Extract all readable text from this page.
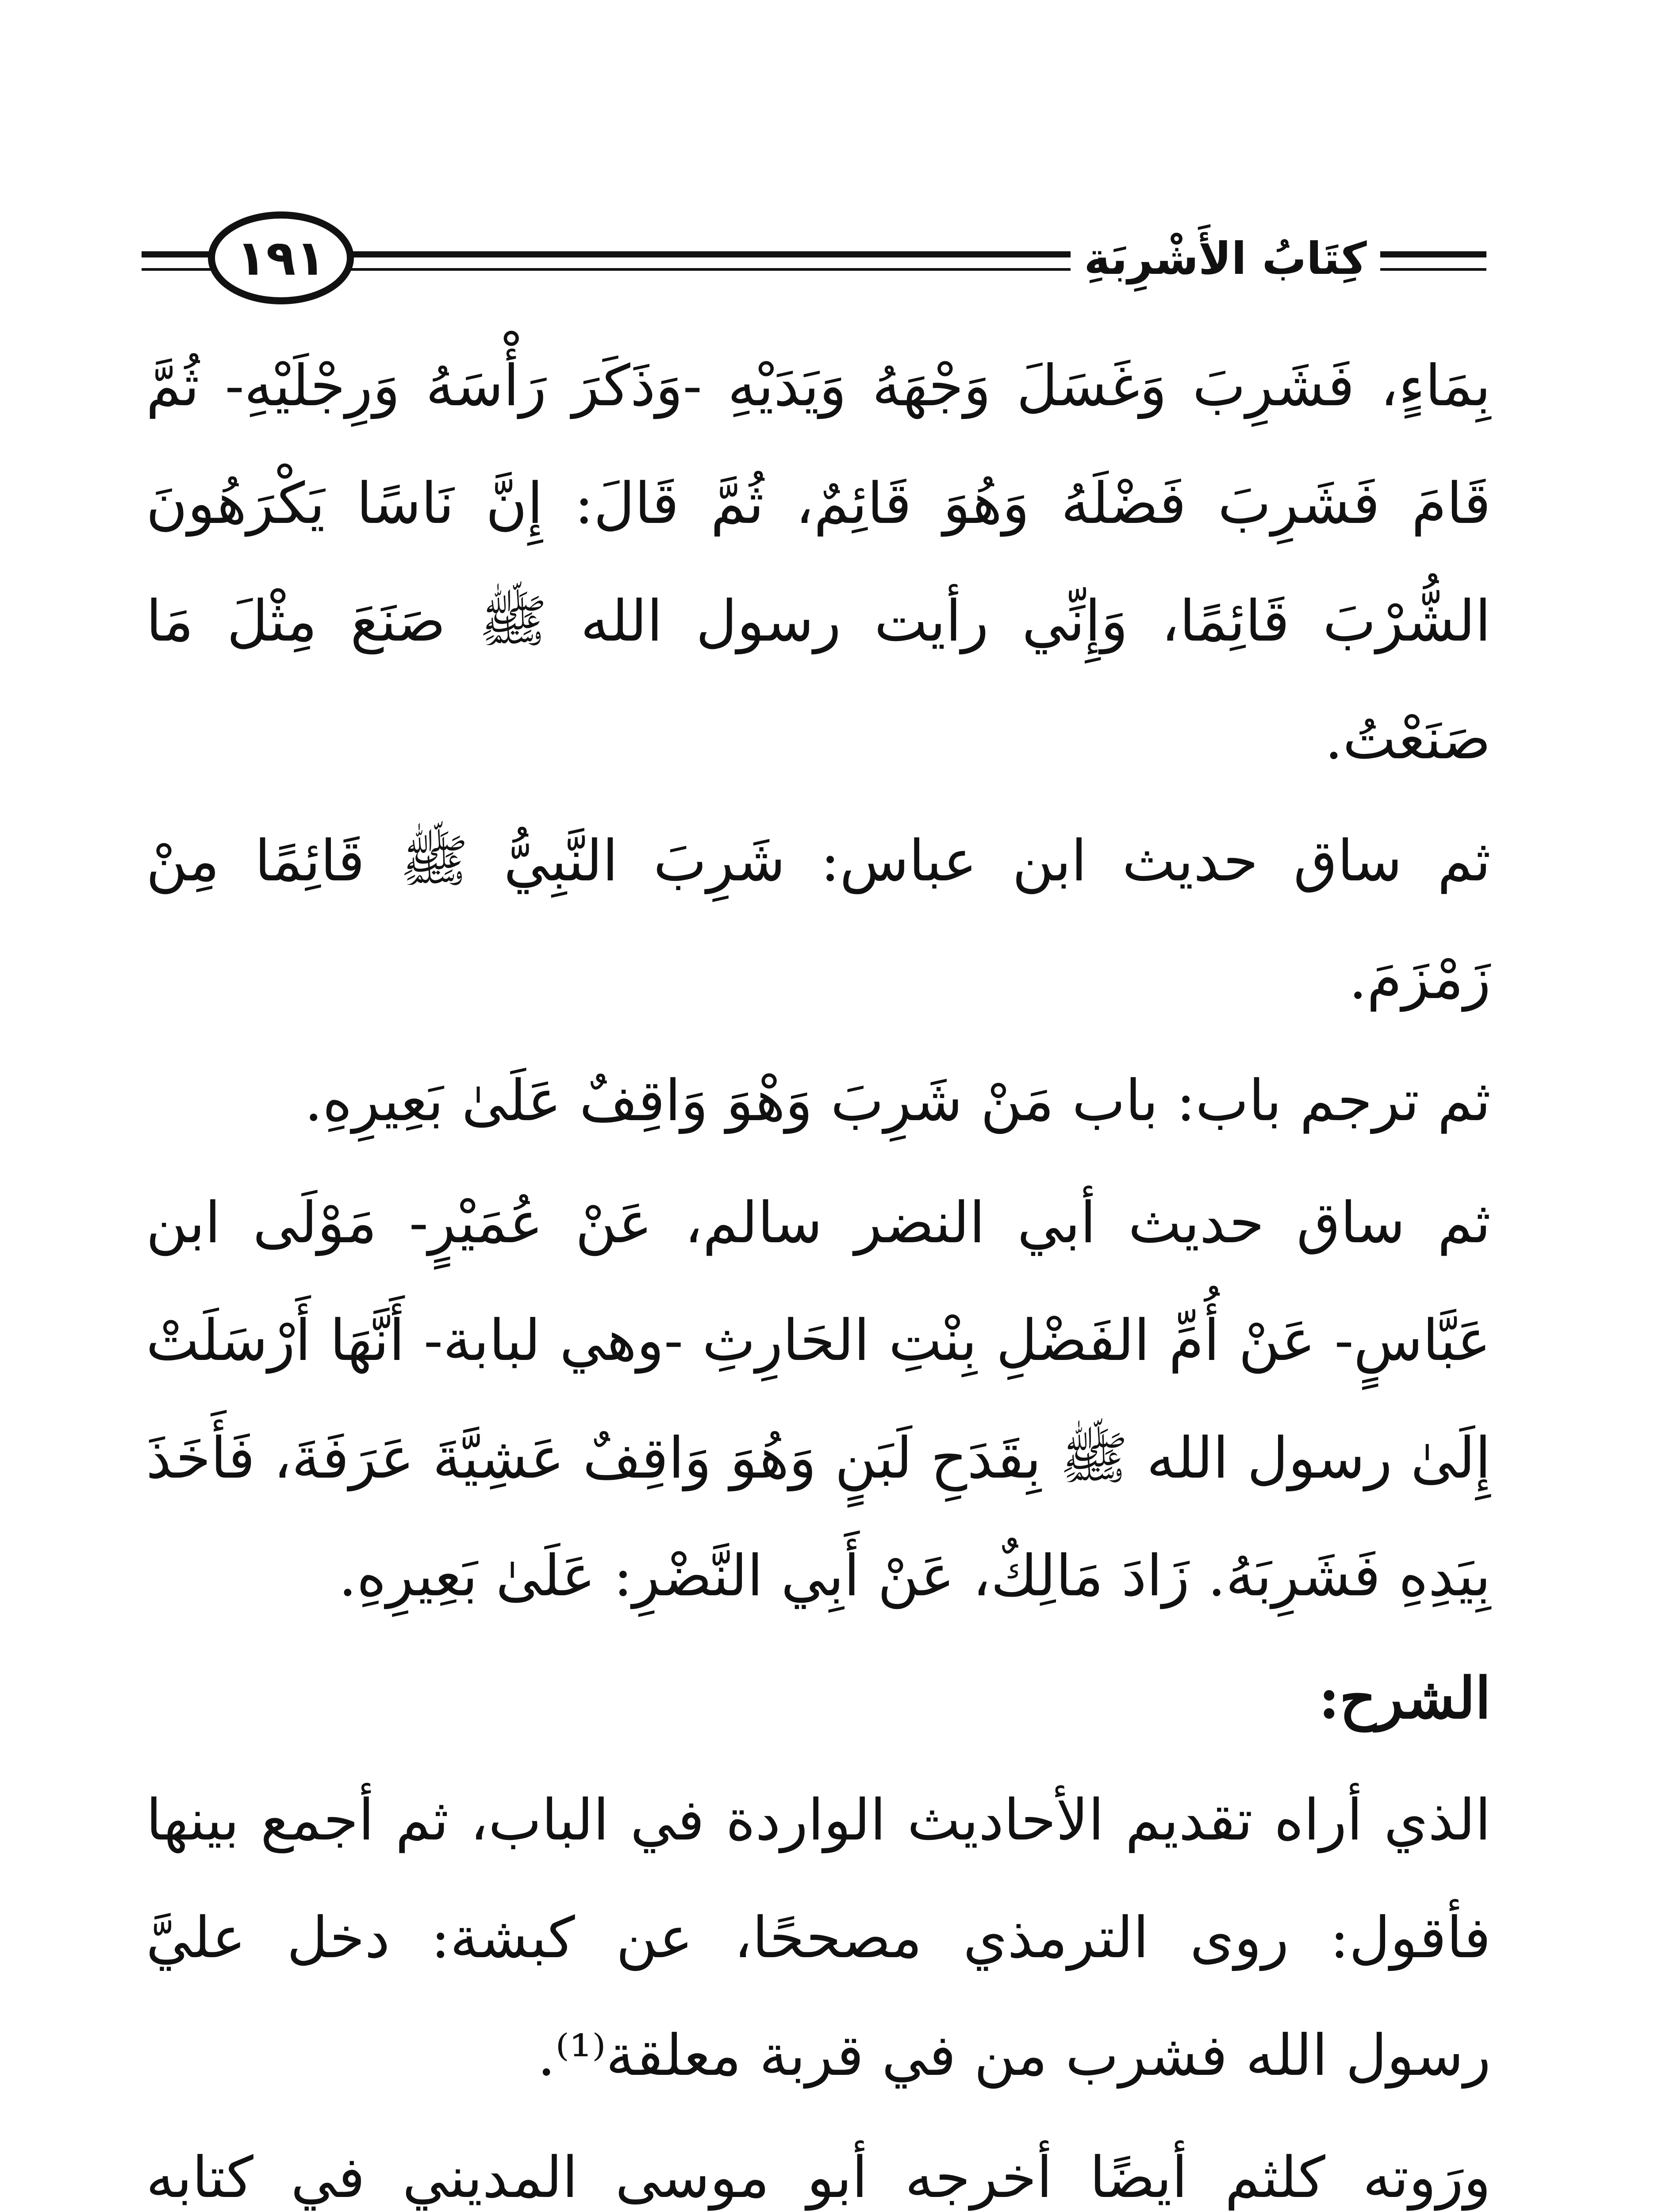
١٩١	كِتَابُ الأَشْرِبَةِ

بِمَاءٍ، فَشَرِبَ وَغَسَلَ وَجْهَهُ وَيَدَيْهِ -وَذَكَرَ رَأْسَهُ وَرِجْلَيْهِ- ثُمَّ قَامَ فَشَرِبَ فَضْلَهُ وَهُوَ قَائِمٌ، ثُمَّ قَالَ: إِنَّ نَاسًا يَكْرَهُونَ الشُّرْبَ قَائِمًا، وَإِنِّي رأيت رسول الله ﷺ صَنَعَ مِثْلَ مَا صَنَعْتُ.

ثم ساق حديث ابن عباس: شَرِبَ النَّبِيُّ ﷺ قَائِمًا مِنْ زَمْزَمَ.

ثم ترجم باب: باب مَنْ شَرِبَ وَهْوَ وَاقِفٌ عَلَىٰ بَعِيرِهِ.

ثم ساق حديث أبي النضر سالم، عَنْ عُمَيْرٍ- مَوْلَى ابن عَبَّاسٍ- عَنْ أُمِّ الفَضْلِ بِنْتِ الحَارِثِ -وهي لبابة- أَنَّهَا أَرْسَلَتْ إِلَىٰ رسول الله ﷺ بِقَدَحِ لَبَنٍ وَهُوَ وَاقِفٌ عَشِيَّةَ عَرَفَةَ، فَأَخَذَ بِيَدِهِ فَشَرِبَهُ. زَادَ مَالِكٌ، عَنْ أَبِي النَّضْرِ: عَلَىٰ بَعِيرِهِ.

الشرح:

الذي أراه تقديم الأحاديث الواردة في الباب، ثم أجمع بينها فأقول: روى الترمذي مصححًا، عن كبشة: دخل عليَّ رسول الله فشرب من في قربة معلقة⁽¹⁾.

ورَوته كلثم أيضًا أخرجه أبو موسى المديني في كتابه
